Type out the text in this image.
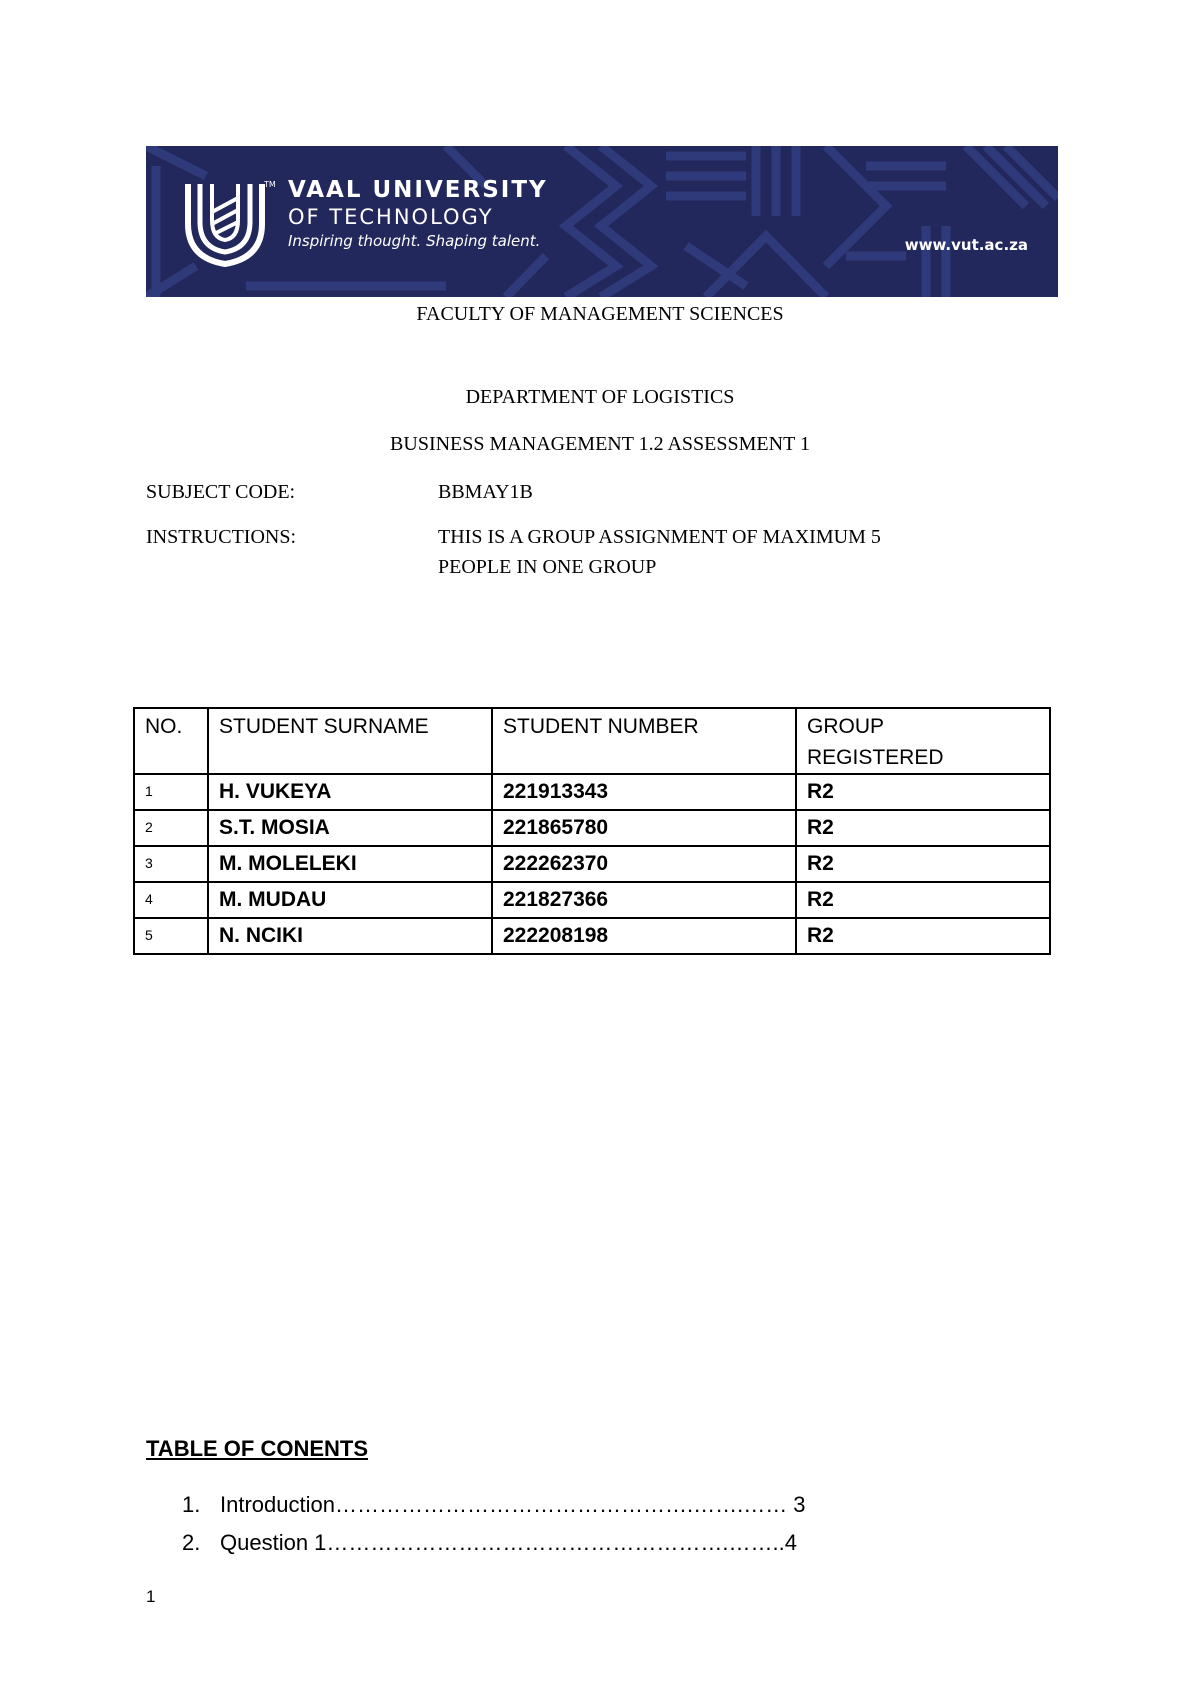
TM VAAL UNIVERSITY
OF TECHNOLOGY
Inspiring thought. Shaping talent.	www.vut.ac.za
FACULTY OF MANAGEMENT SCIENCES
DEPARTMENT OF LOGISTICS
BUSINESS MANAGEMENT 1.2 ASSESSMENT 1
SUBJECT CODE:	BBMAY1B
INSTRUCTIONS:	THIS IS A GROUP ASSIGNMENT OF MAXIMUM 5
PEOPLE IN ONE GROUP
NO.	STUDENT SURNAME	STUDENT NUMBER	GROUP
REGISTERED

1	H. VUKEYA	221913343	R2
2	S.T. MOSIA	221865780	R2
3	M. MOLELEKI	222262370	R2
4	M. MUDAU	221827366	R2
5	N. NCIKI	222208198	R2
TABLE OF CONENTS
1. Introduction………………………………………….…….…… 3
2. Question 1……………………………………………….……..4
1
